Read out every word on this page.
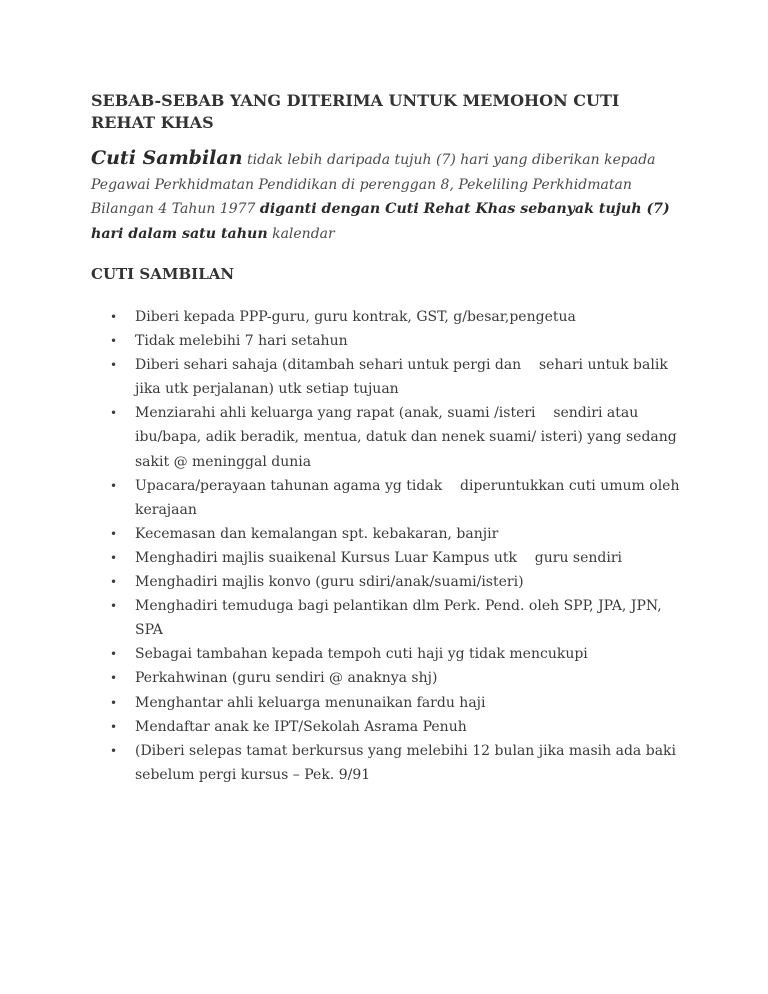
SEBAB-SEBAB YANG DITERIMA UNTUK MEMOHON CUTI REHAT KHAS

Cuti Sambilan tidak lebih daripada tujuh (7) hari yang diberikan kepada Pegawai Perkhidmatan Pendidikan di perenggan 8, Pekeliling Perkhidmatan Bilangan 4 Tahun 1977 diganti dengan Cuti Rehat Khas sebanyak tujuh (7) hari dalam satu tahun kalendar

CUTI SAMBILAN
• Diberi kepada PPP-guru, guru kontrak, GST, g/besar,pengetua
• Tidak melebihi 7 hari setahun
• Diberi sehari sahaja (ditambah sehari untuk pergi dan    sehari untuk balik jika utk perjalanan) utk setiap tujuan
• Menziarahi ahli keluarga yang rapat (anak, suami /isteri    sendiri atau ibu/bapa, adik beradik, mentua, datuk dan nenek suami/ isteri) yang sedang sakit @ meninggal dunia
• Upacara/perayaan tahunan agama yg tidak    diperuntukkan cuti umum oleh kerajaan
• Kecemasan dan kemalangan spt. kebakaran, banjir
• Menghadiri majlis suaikenal Kursus Luar Kampus utk    guru sendiri
• Menghadiri majlis konvo (guru sdiri/anak/suami/isteri)
• Menghadiri temuduga bagi pelantikan dlm Perk. Pend. oleh SPP, JPA, JPN, SPA
• Sebagai tambahan kepada tempoh cuti haji yg tidak mencukupi
• Perkahwinan (guru sendiri @ anaknya shj)
• Menghantar ahli keluarga menunaikan fardu haji
• Mendaftar anak ke IPT/Sekolah Asrama Penuh
• (Diberi selepas tamat berkursus yang melebihi 12 bulan jika masih ada baki sebelum pergi kursus – Pek. 9/91
